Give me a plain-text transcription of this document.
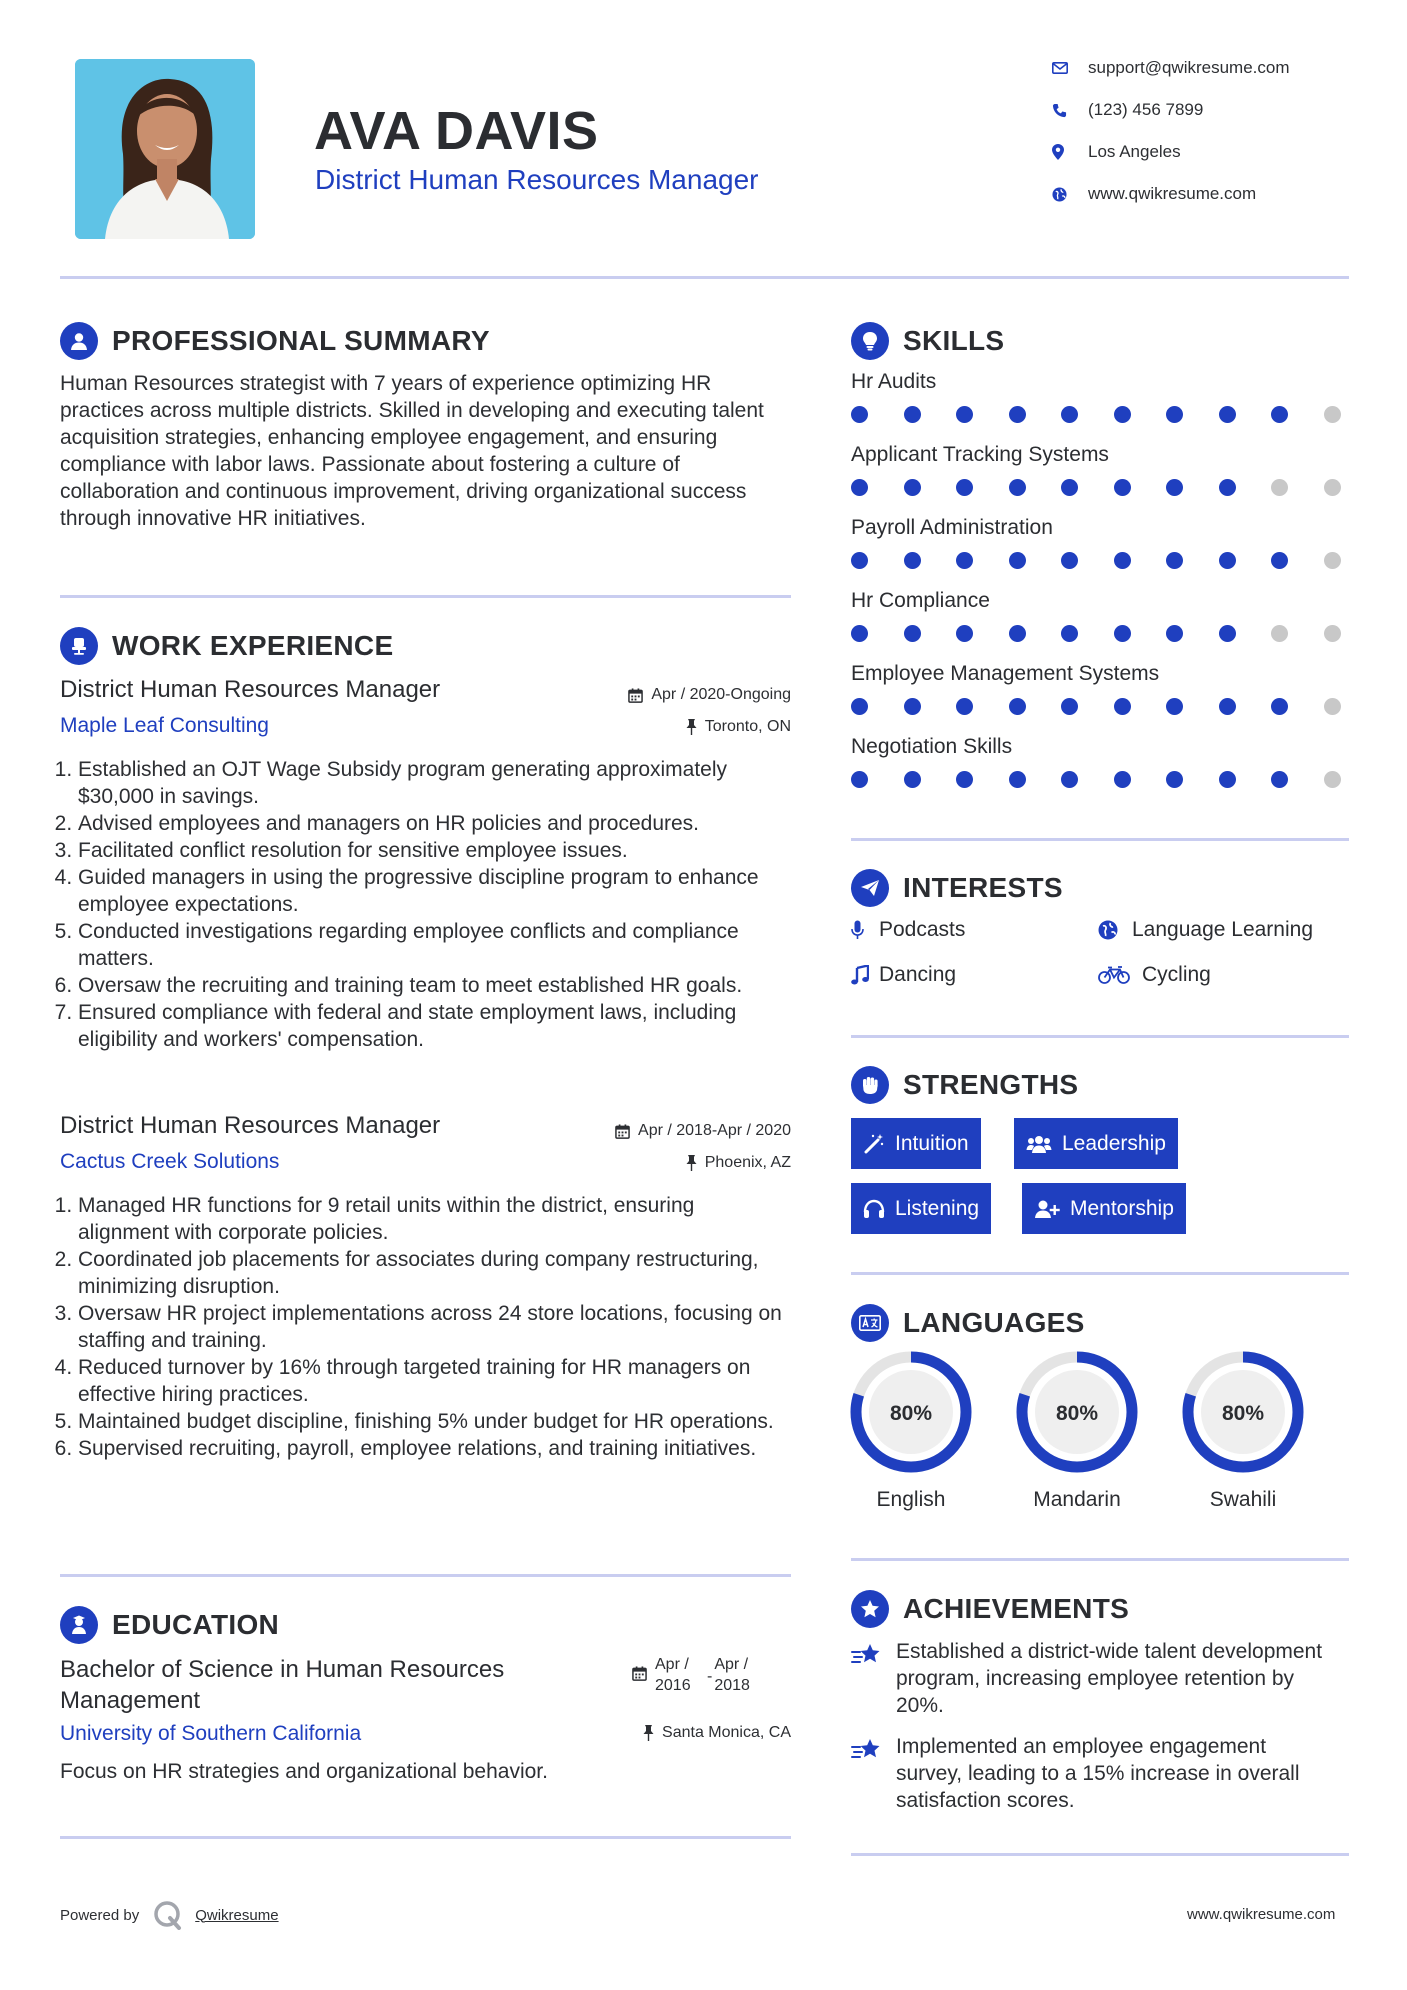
AVA DAVIS
District Human Resources Manager
support@qwikresume.com
(123) 456 7899
Los Angeles
www.qwikresume.com
PROFESSIONAL SUMMARY
Human Resources strategist with 7 years of experience optimizing HR practices across multiple districts. Skilled in developing and executing talent acquisition strategies, enhancing employee engagement, and ensuring compliance with labor laws. Passionate about fostering a culture of collaboration and continuous improvement, driving organizational success through innovative HR initiatives.
WORK EXPERIENCE
District Human Resources Manager	Apr / 2020-Ongoing
Maple Leaf Consulting	Toronto, ON
1. Established an OJT Wage Subsidy program generating approximately $30,000 in savings.
2. Advised employees and managers on HR policies and procedures.
3. Facilitated conflict resolution for sensitive employee issues.
4. Guided managers in using the progressive discipline program to enhance employee expectations.
5. Conducted investigations regarding employee conflicts and compliance matters.
6. Oversaw the recruiting and training team to meet established HR goals.
7. Ensured compliance with federal and state employment laws, including eligibility and workers' compensation.
District Human Resources Manager	Apr / 2018-Apr / 2020
Cactus Creek Solutions	Phoenix, AZ
1. Managed HR functions for 9 retail units within the district, ensuring alignment with corporate policies.
2. Coordinated job placements for associates during company restructuring, minimizing disruption.
3. Oversaw HR project implementations across 24 store locations, focusing on staffing and training.
4. Reduced turnover by 16% through targeted training for HR managers on effective hiring practices.
5. Maintained budget discipline, finishing 5% under budget for HR operations.
6. Supervised recruiting, payroll, employee relations, and training initiatives.
EDUCATION
Bachelor of Science in Human Resources Management
Apr / 2016
-
Apr / 2018
University of Southern California	Santa Monica, CA
Focus on HR strategies and organizational behavior.
SKILLS
Hr Audits
Applicant Tracking Systems
Payroll Administration
Hr Compliance
Employee Management Systems
Negotiation Skills
INTERESTS
Podcasts	Language Learning
Dancing	Cycling
STRENGTHS
Intuition	Leadership
Listening	Mentorship
LANGUAGES
80%
English
80%
Mandarin
80%
Swahili
ACHIEVEMENTS
Established a district-wide talent development program, increasing employee retention by 20%.
Implemented an employee engagement survey, leading to a 15% increase in overall satisfaction scores.
Powered by	Qwikresume	www.qwikresume.com
